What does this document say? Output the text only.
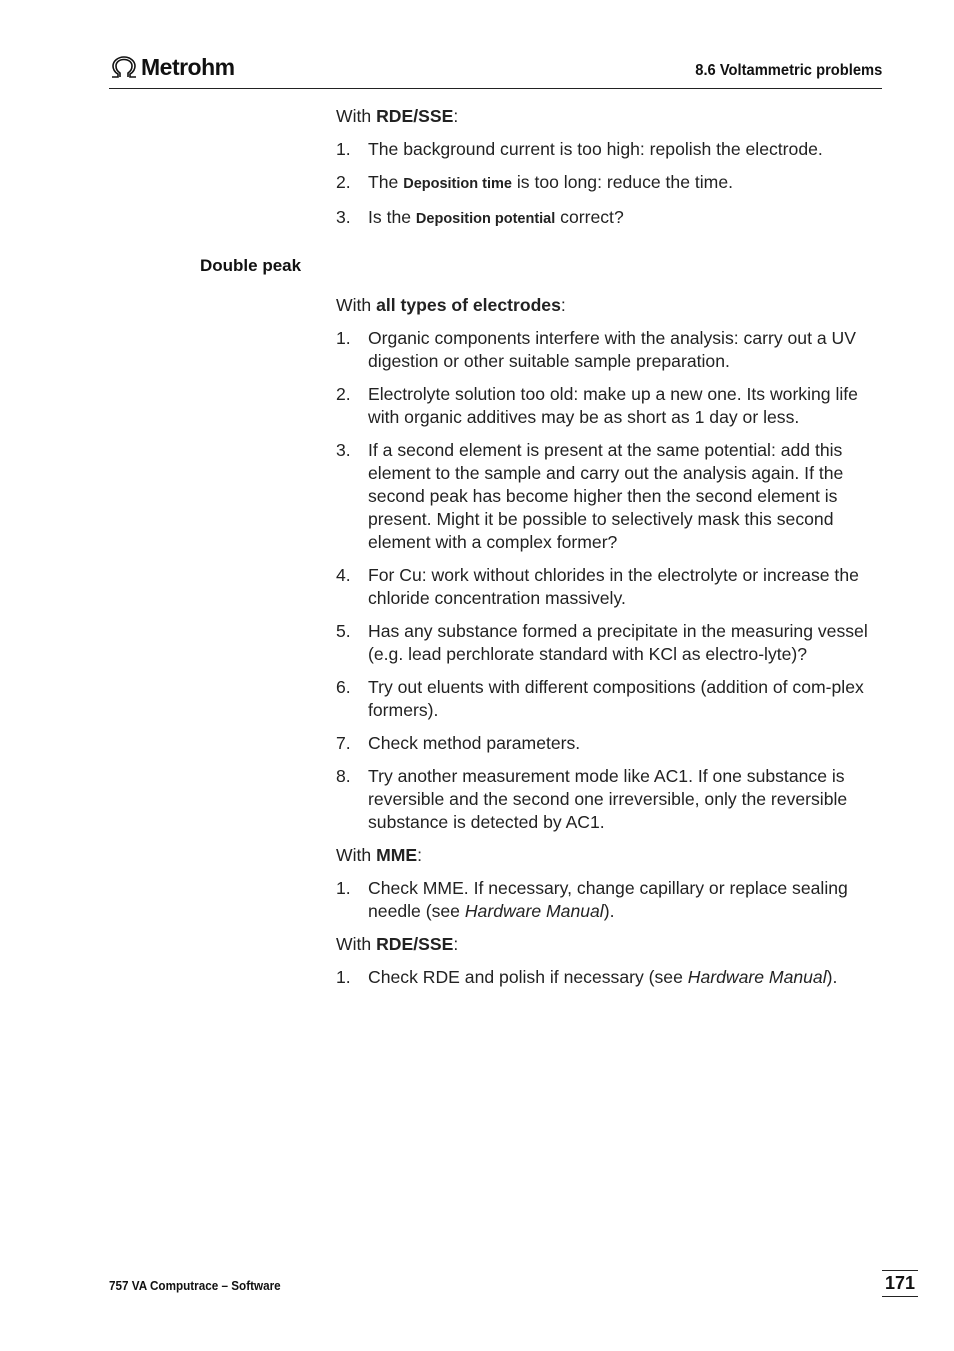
Metrohm	8.6 Voltammetric problems

With RDE/SSE:

1. The background current is too high: repolish the electrode.
2. The Deposition time is too long: reduce the time.
3. Is the Deposition potential correct?

With all types of electrodes:

1. Organic components interfere with the analysis: carry out a UV digestion or other suitable sample preparation.
2. Electrolyte solution too old: make up a new one. Its working life with organic additives may be as short as 1 day or less.
3. If a second element is present at the same potential: add this element to the sample and carry out the analysis again. If the second peak has become higher then the second element is present. Might it be possible to selectively mask this second element with a complex former?
4. For Cu: work without chlorides in the electrolyte or increase the chloride concentration massively.
5. Has any substance formed a precipitate in the measuring vessel (e.g. lead perchlorate standard with KCl as electro-lyte)?
6. Try out eluents with different compositions (addition of com-plex formers).
7. Check method parameters.
8. Try another measurement mode like AC1. If one substance is reversible and the second one irreversible, only the reversible substance is detected by AC1.

With MME:

1. Check MME. If necessary, change capillary or replace sealing needle (see Hardware Manual).

With RDE/SSE:

1. Check RDE and polish if necessary (see Hardware Manual).
Double peak
757 VA Computrace – Software	171
